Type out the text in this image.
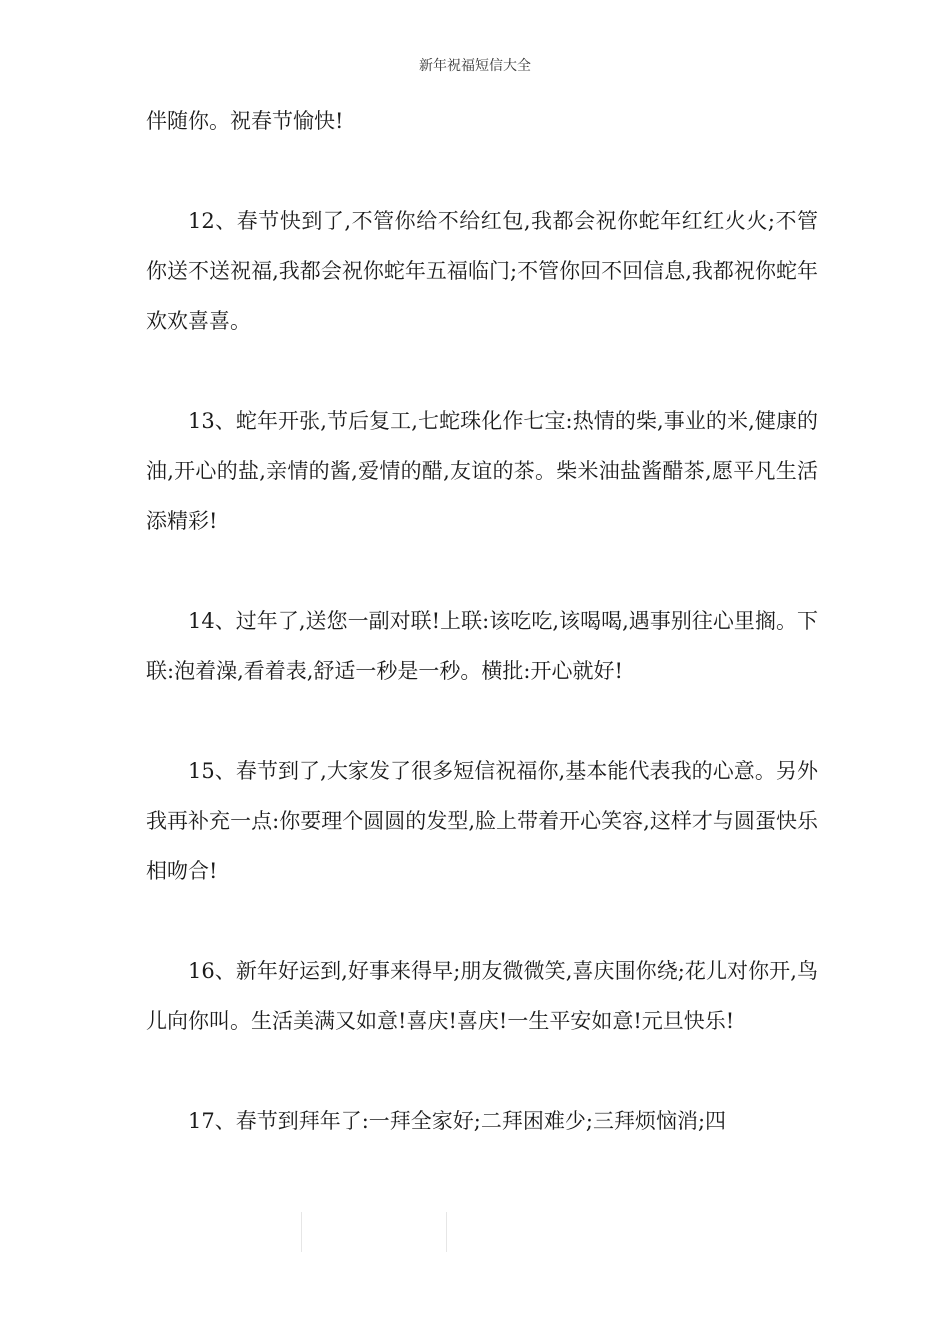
新年祝福短信大全

伴随你。祝春节愉快!

12、春节快到了,不管你给不给红包,我都会祝你蛇年红红火火;不管你送不送祝福,我都会祝你蛇年五福临门;不管你回不回信息,我都祝你蛇年欢欢喜喜。

13、蛇年开张,节后复工,七蛇珠化作七宝:热情的柴,事业的米,健康的油,开心的盐,亲情的酱,爱情的醋,友谊的茶。柴米油盐酱醋茶,愿平凡生活添精彩!

14、过年了,送您一副对联!上联:该吃吃,该喝喝,遇事别往心里搁。下联:泡着澡,看着表,舒适一秒是一秒。横批:开心就好!

15、春节到了,大家发了很多短信祝福你,基本能代表我的心意。另外我再补充一点:你要理个圆圆的发型,脸上带着开心笑容,这样才与圆蛋快乐相吻合!

16、新年好运到,好事来得早;朋友微微笑,喜庆围你绕;花儿对你开,鸟儿向你叫。生活美满又如意!喜庆!喜庆!一生平安如意!元旦快乐!

17、春节到拜年了:一拜全家好;二拜困难少;三拜烦恼消;四
